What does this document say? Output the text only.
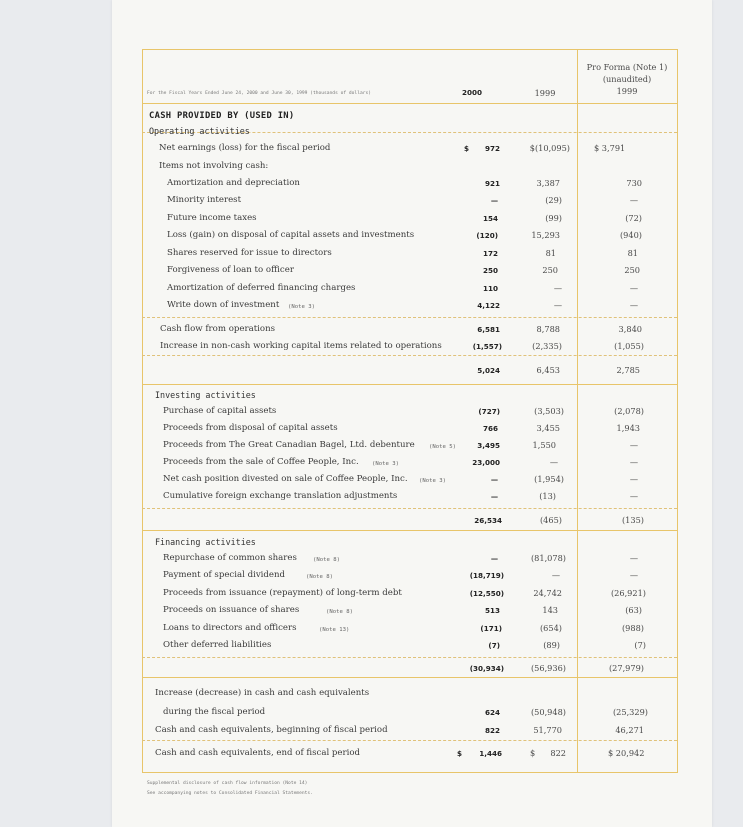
For the Fiscal Years Ended June 24, 2000 and June 30, 1999 (thousands of dollars)	2000	1999
Pro Forma (Note 1)
(unaudited)
1999
CASH PROVIDED BY (USED IN)
Operating activities
Net earnings (loss) for the fiscal period	$	972	$(10,095)	$ 3,791
Items not involving cash:
Amortization and depreciation	921	3,387	730
Minority interest	—	(29)	—
Future income taxes	154	(99)	(72)
Loss (gain) on disposal of capital assets and investments	(120)	15,293	(940)
Shares reserved for issue to directors	172	81	81
Forgiveness of loan to officer	250	250	250
Amortization of deferred financing charges	110	—	—
Write down of investment (Note 3)	4,122	—	—
Cash flow from operations	6,581	8,788	3,840
Increase in non-cash working capital items related to operations	(1,557)	(2,335)	(1,055)
5,024	6,453	2,785
Investing activities
Purchase of capital assets	(727)	(3,503)	(2,078)
Proceeds from disposal of capital assets	766	3,455	1,943
Proceeds from The Great Canadian Bagel, Ltd. debenture	(Note 5)	3,495	1,550	—
Proceeds from the sale of Coffee People, Inc. (Note 3)	23,000	—	—
Net cash position divested on sale of Coffee People, Inc. (Note 3)	—	(1,954)	—
Cumulative foreign exchange translation adjustments	—	(13)	—
26,534	(465)	(135)
Financing activities
Repurchase of common shares	(Note 8)	—	(81,078)	—
Payment of special dividend	(Note 8)	(18,719)	—	—
Proceeds from issuance (repayment) of long-term debt	(12,550)	24,742	(26,921)
Proceeds on issuance of shares	(Note 8)	513	143	(63)
Loans to directors and officers	(Note 13)	(171)	(654)	(988)
Other deferred liabilities	(7)	(89)	(7)
(30,934)	(56,936)	(27,979)
Increase (decrease) in cash and cash equivalents
during the fiscal period	624	(50,948)	(25,329)
Cash and cash equivalents, beginning of fiscal period	822	51,770	46,271
Cash and cash equivalents, end of fiscal period	$	1,446	$	822	$ 20,942
Supplemental disclosure of cash flow information (Note 14)
See accompanying notes to Consolidated Financial Statements.
